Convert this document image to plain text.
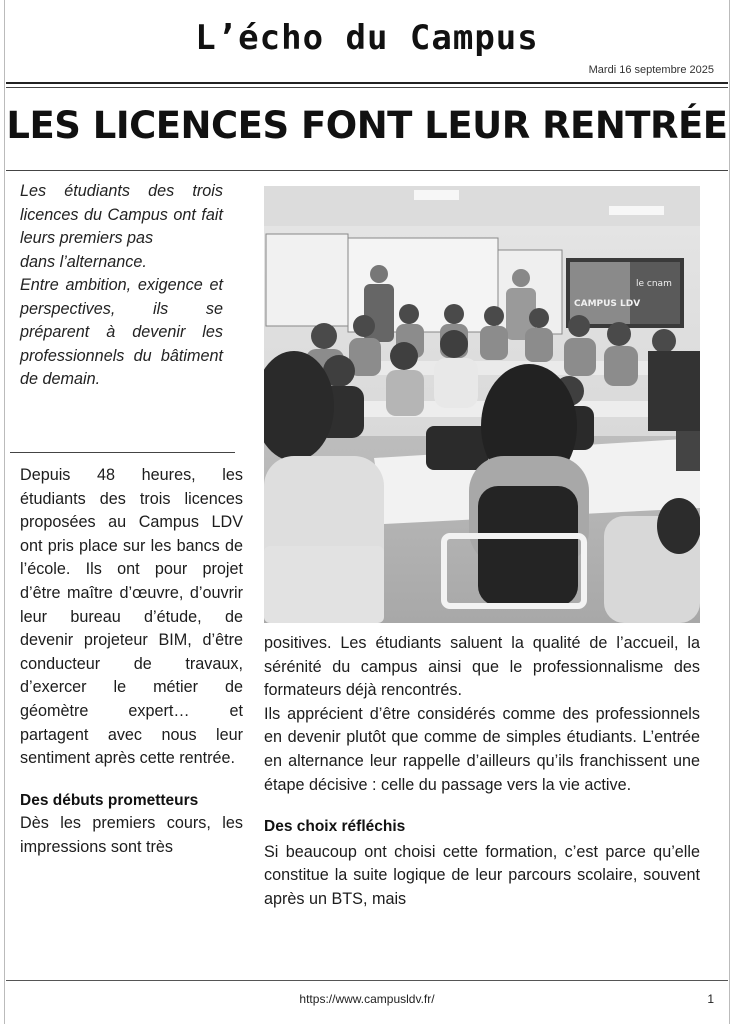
L’écho du Campus
Mardi 16 septembre 2025
LES LICENCES FONT LEUR RENTRÉE

Les étudiants des trois licences du Campus ont fait leurs premiers pas

dans l’alternance.

Entre ambition, exigence et perspectives, ils se préparent à devenir les professionnels du bâtiment de demain.

Depuis 48 heures, les étudiants des trois licences proposées au Campus LDV ont pris place sur les bancs de l’école. Ils ont pour projet d’être maître d’œuvre, d’ouvrir leur bureau d’étude, de devenir projeteur BIM, d’être conducteur de travaux, d’exercer le métier de géomètre expert… et partagent avec nous leur sentiment après cette rentrée.

Des débuts prometteurs

Dès les premiers cours, les impressions sont très

CAMPUS LDV
le cnam

positives. Les étudiants saluent la qualité de l’accueil, la sérénité du campus ainsi que le professionnalisme des formateurs déjà rencontrés.

Ils apprécient d’être considérés comme des professionnels en devenir plutôt que comme de simples étudiants. L’entrée en alternance leur rappelle d’ailleurs qu’ils franchissent une étape décisive : celle du passage vers la vie active.

Des choix réfléchis

Si beaucoup ont choisi cette formation, c’est parce qu’elle constitue la suite logique de leur parcours scolaire, souvent après un BTS, mais

https://www.campusldv.fr/	1
